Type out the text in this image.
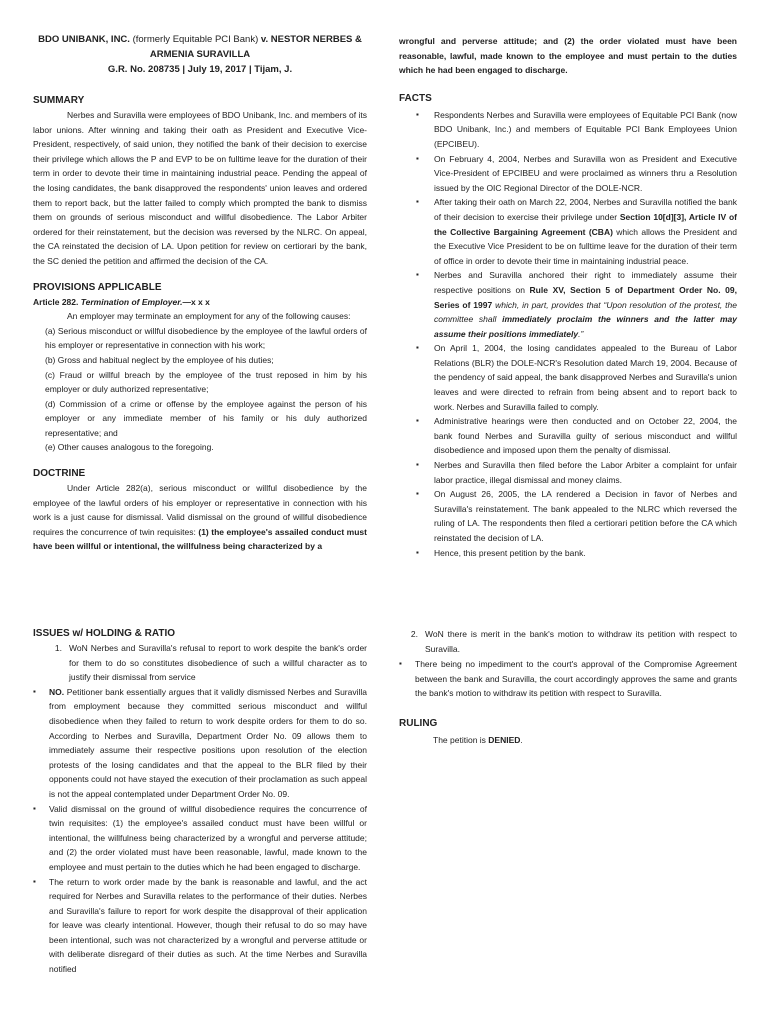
BDO UNIBANK, INC. (formerly Equitable PCI Bank) v. NESTOR NERBES & ARMENIA SURAVILLA
G.R. No. 208735 | July 19, 2017 | Tijam, J.
SUMMARY

Nerbes and Suravilla were employees of BDO Unibank, Inc. and members of its labor unions. After winning and taking their oath as President and Executive Vice-President, respectively, of said union, they notified the bank of their decision to exercise their privilege which allows the P and EVP to be on fulltime leave for the duration of their term in order to devote their time in maintaining industrial peace. Pending the appeal of the losing candidates, the bank disapproved the respondents' union leaves and ordered them to report back, but the latter failed to comply which prompted the bank to dismiss them on grounds of serious misconduct and willful disobedience. The Labor Arbiter ordered for their reinstatement, but the decision was reversed by the NLRC. On appeal, the CA reinstated the decision of LA. Upon petition for review on certiorari by the bank, the SC denied the petition and affirmed the decision of the CA.

PROVISIONS APPLICABLE
Article 282. Termination of Employer.—x x x

An employer may terminate an employment for any of the following causes:

(a) Serious misconduct or willful disobedience by the employee of the lawful orders of his employer or representative in connection with his work;

(b) Gross and habitual neglect by the employee of his duties;

(c) Fraud or willful breach by the employee of the trust reposed in him by his employer or duly authorized representative;

(d) Commission of a crime or offense by the employee against the person of his employer or any immediate member of his family or his duly authorized representative; and

(e) Other causes analogous to the foregoing.

DOCTRINE

Under Article 282(a), serious misconduct or willful disobedience by the employee of the lawful orders of his employer or representative in connection with his work is a just cause for dismissal. Valid dismissal on the ground of willful disobedience requires the concurrence of twin requisites: (1) the employee's assailed conduct must have been willful or intentional, the willfulness being characterized by a

wrongful and perverse attitude; and (2) the order violated must have been reasonable, lawful, made known to the employee and must pertain to the duties which he had been engaged to discharge.

FACTS
▪ Respondents Nerbes and Suravilla were employees of Equitable PCI Bank (now BDO Unibank, Inc.) and members of Equitable PCI Bank Employees Union (EPCIBEU).
▪ On February 4, 2004, Nerbes and Suravilla won as President and Executive Vice-President of EPCIBEU and were proclaimed as winners thru a Resolution issued by the OIC Regional Director of the DOLE-NCR.
▪ After taking their oath on March 22, 2004, Nerbes and Suravilla notified the bank of their decision to exercise their privilege under Section 10[d][3], Article IV of the Collective Bargaining Agreement (CBA) which allows the President and the Executive Vice President to be on fulltime leave for the duration of their term of office in order to devote their time in maintaining industrial peace.
▪ Nerbes and Suravilla anchored their right to immediately assume their respective positions on Rule XV, Section 5 of Department Order No. 09, Series of 1997 which, in part, provides that “Upon resolution of the protest, the committee shall immediately proclaim the winners and the latter may assume their positions immediately.”
▪ On April 1, 2004, the losing candidates appealed to the Bureau of Labor Relations (BLR) the DOLE-NCR's Resolution dated March 19, 2004. Because of the pendency of said appeal, the bank disapproved Nerbes and Suravilla's union leaves and were directed to refrain from being absent and to report back to work. Nerbes and Suravilla failed to comply.
▪ Administrative hearings were then conducted and on October 22, 2004, the bank found Nerbes and Suravilla guilty of serious misconduct and willful disobedience and imposed upon them the penalty of dismissal.
▪ Nerbes and Suravilla then filed before the Labor Arbiter a complaint for unfair labor practice, illegal dismissal and money claims.
▪ On August 26, 2005, the LA rendered a Decision in favor of Nerbes and Suravilla's reinstatement. The bank appealed to the NLRC which reversed the ruling of LA. The respondents then filed a certiorari petition before the CA which reinstated the decision of LA.
▪ Hence, this present petition by the bank.
ISSUES w/ HOLDING & RATIO
1. WoN Nerbes and Suravilla's refusal to report to work despite the bank's order for them to do so constitutes disobedience of such a willful character as to justify their dismissal from service
▪ NO. Petitioner bank essentially argues that it validly dismissed Nerbes and Suravilla from employment because they committed serious misconduct and willful disobedience when they failed to return to work despite orders for them to do so. According to Nerbes and Suravilla, Department Order No. 09 allows them to immediately assume their respective positions upon resolution of the election protests of the losing candidates and that the appeal to the BLR filed by their opponents could not have stayed the execution of their proclamation as such appeal is not the appeal contemplated under Department Order No. 09.
▪ Valid dismissal on the ground of willful disobedience requires the concurrence of twin requisites: (1) the employee's assailed conduct must have been willful or intentional, the willfulness being characterized by a wrongful and perverse attitude; and (2) the order violated must have been reasonable, lawful, made known to the employee and must pertain to the duties which he had been engaged to discharge.
▪ The return to work order made by the bank is reasonable and lawful, and the act required for Nerbes and Suravilla relates to the performance of their duties. Nerbes and Suravilla's failure to report for work despite the disapproval of their application for leave was clearly intentional. However, though their refusal to do so may have been intentional, such was not characterized by a wrongful and perverse attitude or with deliberate disregard of their duties as such. At the time Nerbes and Suravilla notified
2. WoN there is merit in the bank's motion to withdraw its petition with respect to Suravilla.
▪ There being no impediment to the court's approval of the Compromise Agreement between the bank and Suravilla, the court accordingly approves the same and grants the bank's motion to withdraw its petition with respect to Suravilla.
RULING

The petition is DENIED.
